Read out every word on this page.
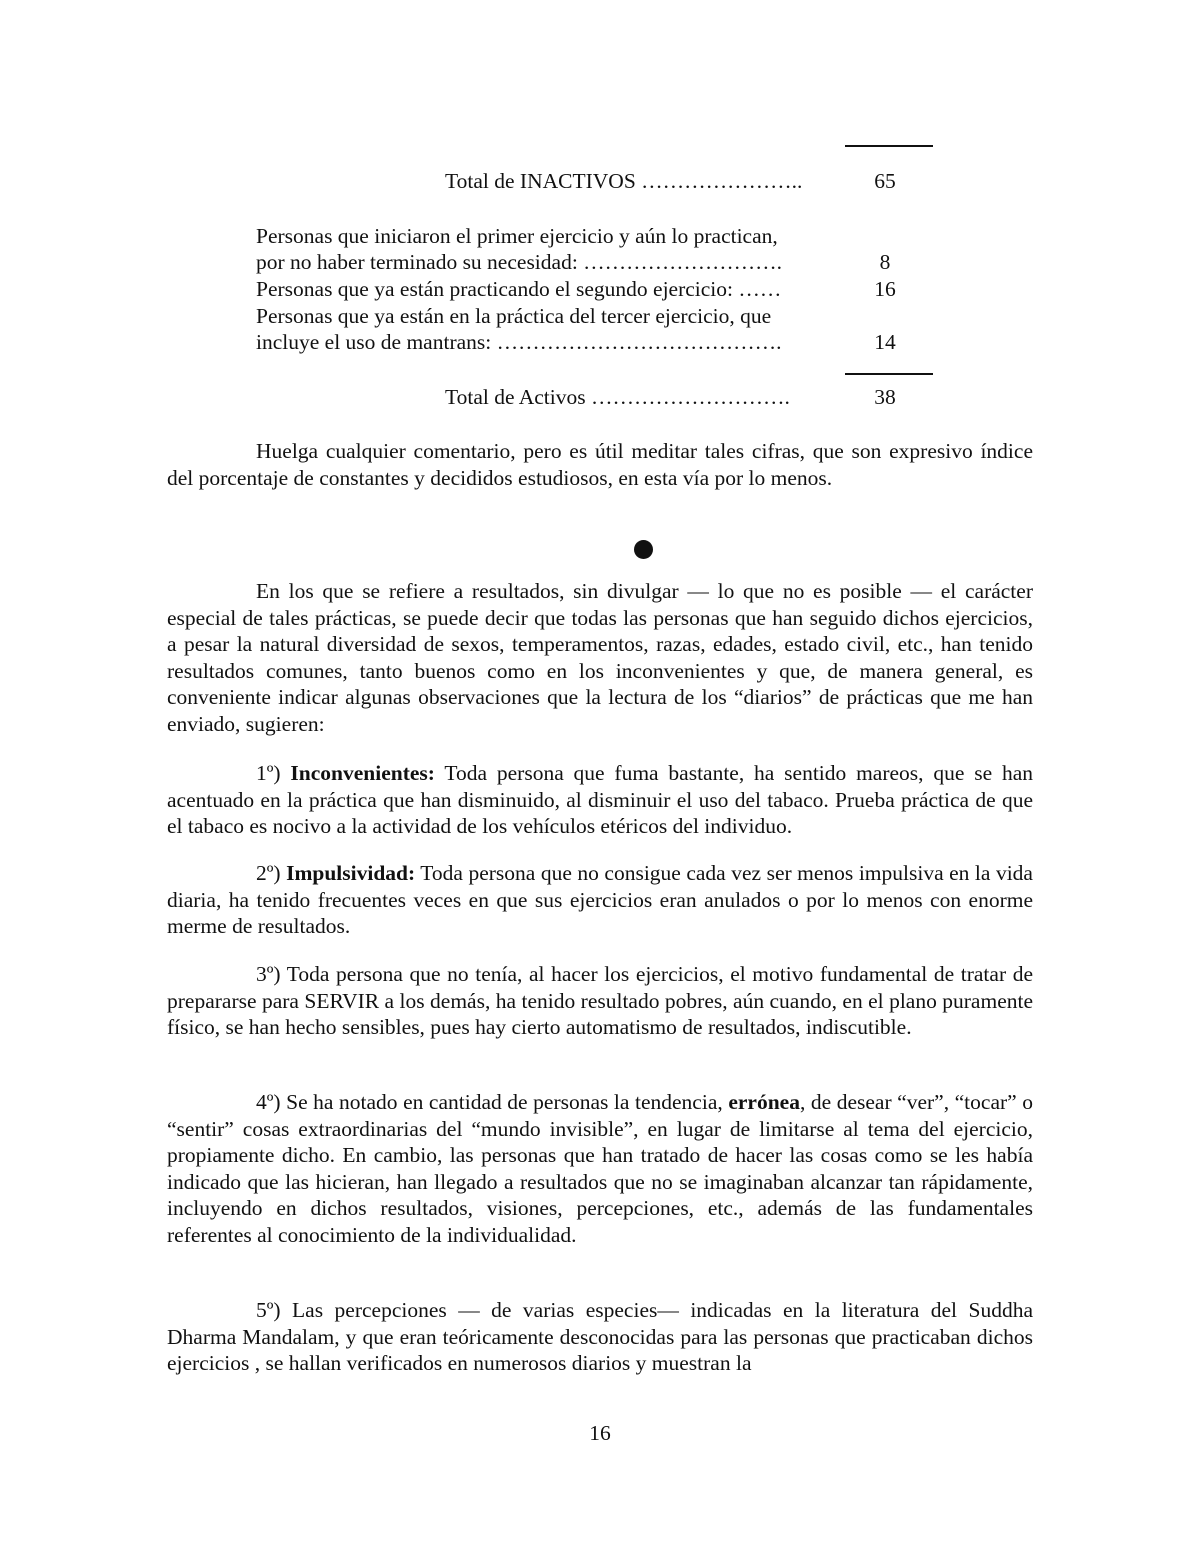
Total de INACTIVOS …………………..	65
Personas que iniciaron el primer ejercicio y aún lo practican,
por no haber terminado su necesidad: ……………………….	8
Personas que ya están practicando el segundo ejercicio: ……	16
Personas que ya están en la práctica del tercer ejercicio, que
incluye el uso de mantrans: ………………………………….	14
Total de Activos ……………………….	38

Huelga cualquier comentario, pero es útil meditar tales cifras, que son expresivo índice del porcentaje de constantes y decididos estudiosos, en esta vía por lo menos.

En los que se refiere a resultados, sin divulgar — lo que no es posible — el carácter especial de tales prácticas, se puede decir que todas las personas que han seguido dichos ejercicios, a pesar la natural diversidad de sexos, temperamentos, razas, edades, estado civil, etc., han tenido resultados comunes, tanto buenos como en los inconvenientes y que, de manera general, es conveniente indicar algunas observaciones que la lectura de los “diarios” de prácticas que me han enviado, sugieren:

1º) Inconvenientes: Toda persona que fuma bastante, ha sentido mareos, que se han acentuado en la práctica que han disminuido, al disminuir el uso del tabaco. Prueba práctica de que el tabaco es nocivo a la actividad de los vehículos etéricos del individuo.

2º) Impulsividad: Toda persona que no consigue cada vez ser menos impulsiva en la vida diaria, ha tenido frecuentes veces en que sus ejercicios eran anulados o por lo menos con enorme merme de resultados.

3º) Toda persona que no tenía, al hacer los ejercicios, el motivo fundamental de tratar de prepararse para SERVIR a los demás, ha tenido resultado pobres, aún cuando, en el plano puramente físico, se han hecho sensibles, pues hay cierto automatismo de resultados, indiscutible.

4º) Se ha notado en cantidad de personas la tendencia, errónea, de desear “ver”, “tocar” o “sentir” cosas extraordinarias del “mundo invisible”, en lugar de limitarse al tema del ejercicio, propiamente dicho. En cambio, las personas que han tratado de hacer las cosas como se les había indicado que las hicieran, han llegado a resultados que no se imaginaban alcanzar tan rápidamente, incluyendo en dichos resultados, visiones, percepciones, etc., además de las fundamentales referentes al conocimiento de la individualidad.

5º) Las percepciones — de varias especies— indicadas en la literatura del Suddha Dharma Mandalam, y que eran teóricamente desconocidas para las personas que practicaban dichos ejercicios , se hallan verificados en numerosos diarios y muestran la

16
